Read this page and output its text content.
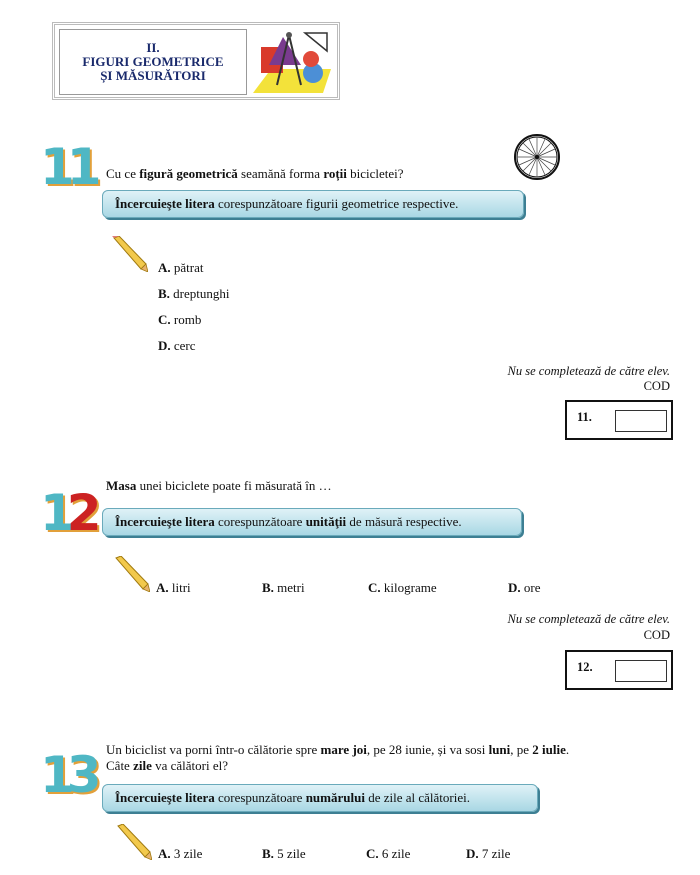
II.
FIGURI GEOMETRICE
ȘI MĂSURĂTORI
11 Cu ce figură geometrică seamănă forma roții bicicletei?
Încercuieşte litera corespunzătoare figurii geometrice respective.
A. pătrat
B. dreptunghi
C. romb
D. cerc
Nu se completează de către elev.
COD
11.
12 Masa unei biciclete poate fi măsurată în …
Încercuieşte litera corespunzătoare unităţii de măsură respective.
A. litri	B. metri	C. kilograme	D. ore
Nu se completează de către elev.
COD
12.
13 Un biciclist va porni într-o călătorie spre mare joi, pe 28 iunie, și va sosi luni, pe 2 iulie.
Câte zile va călători el?
Încercuieşte litera corespunzătoare numărului de zile al călătoriei.
A. 3 zile	B. 5 zile	C. 6 zile	D. 7 zile
